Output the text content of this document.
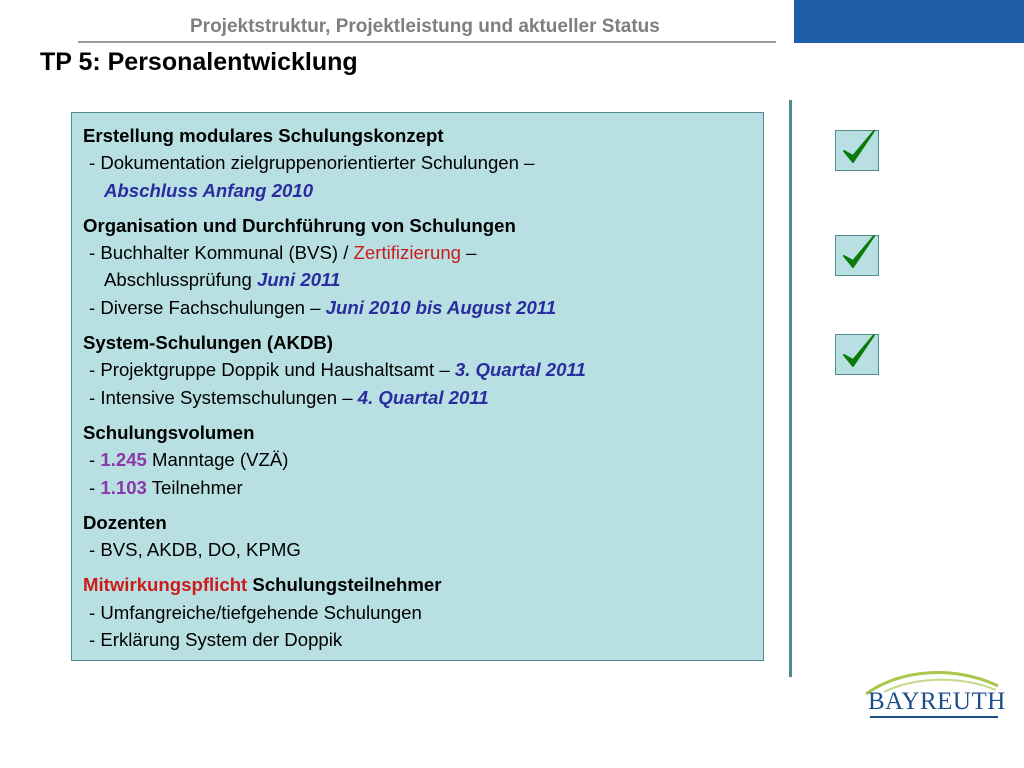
Projektstruktur, Projektleistung und aktueller Status
TP 5: Personalentwicklung
Erstellung modulares Schulungskonzept
- Dokumentation zielgruppenorientierter Schulungen –
Abschluss Anfang 2010
Organisation und Durchführung von Schulungen
- Buchhalter Kommunal (BVS) / Zertifizierung –
Abschlussprüfung Juni 2011
- Diverse Fachschulungen – Juni 2010 bis August 2011
System-Schulungen (AKDB)
- Projektgruppe Doppik und Haushaltsamt – 3. Quartal 2011
- Intensive Systemschulungen – 4. Quartal 2011
Schulungsvolumen
- 1.245 Manntage (VZÄ)
- 1.103 Teilnehmer
Dozenten
- BVS, AKDB, DO, KPMG
Mitwirkungspflicht Schulungsteilnehmer
- Umfangreiche/tiefgehende Schulungen
- Erklärung System der Doppik
BAYREUTH
